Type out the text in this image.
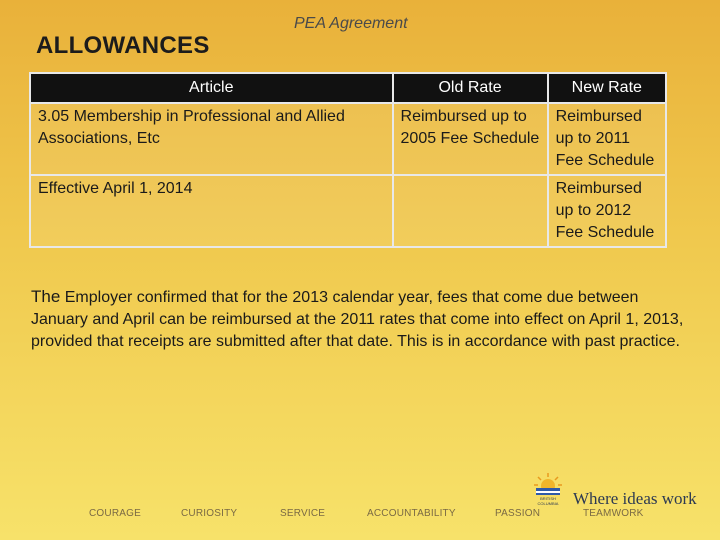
PEA Agreement
ALLOWANCES
Article	Old Rate	New Rate
3.05 Membership in Professional and Allied Associations, Etc	Reimbursed up to 2005 Fee Schedule	Reimbursed up to 2011 Fee Schedule
Effective April 1, 2014		Reimbursed up to 2012 Fee Schedule
The Employer confirmed that for the 2013 calendar year, fees that come due between January and April can be reimbursed at the 2011 rates that come into effect on April 1, 2013, provided that receipts are submitted after that date. This is in accordance with past practice.
COURAGE	CURIOSITY	SERVICE	ACCOUNTABILITY	PASSION	TEAMWORK
BRITISH
COLUMBIA Where ideas work
